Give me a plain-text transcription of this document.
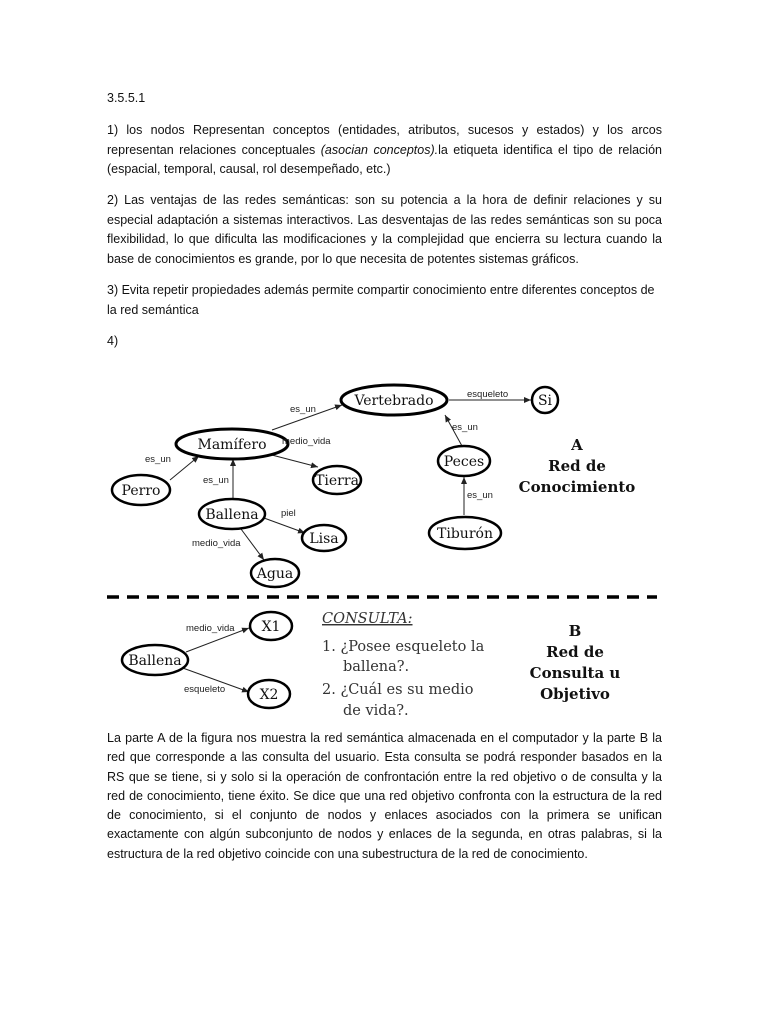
3.5.5.1

1) los nodos Representan conceptos (entidades, atributos, sucesos y estados) y los arcos representan relaciones conceptuales (asocian conceptos).la etiqueta identifica el tipo de relación (espacial, temporal, causal, rol desempeñado, etc.)

2) Las ventajas de las redes semánticas: son su potencia a la hora de definir relaciones y su especial adaptación a sistemas interactivos. Las desventajas de las redes semánticas son su poca flexibilidad, lo que dificulta las modificaciones y la complejidad que encierra su lectura cuando la base de conocimientos es grande, por lo que necesita de potentes sistemas gráficos.

3) Evita repetir propiedades además permite compartir conocimiento entre diferentes conceptos de la red semántica

4)

Vertebrado	Si
Mamífero
Peces
Perro
Tierra
Ballena
Lisa	Tiburón
Agua
es_un
esqueleto
es_un
es_un
medio_vida
es_un
piel
medio_vida
es_un
A
Red de
Conocimiento
Ballena
X1
X2
medio_vida
esqueleto
CONSULTA:
1. ¿Posee esqueleto la
ballena?.
2. ¿Cuál es su medio
de vida?.
B
Red de
Consulta u
Objetivo

La parte A de la figura nos muestra la red semántica almacenada en el computador y la parte B la red que corresponde a las consulta del usuario. Esta consulta se podrá responder basados en la RS que se tiene, si y solo si la operación de confrontación entre la red objetivo o de consulta y la red de conocimiento, tiene éxito. Se dice que una red objetivo confronta con la estructura de la red de conocimiento, si el conjunto de nodos y enlaces asociados con la primera se unifican exactamente con algún subconjunto de nodos y enlaces de la segunda, en otras palabras, si la estructura de la red objetivo coincide con una subestructura de la red de conocimiento.
